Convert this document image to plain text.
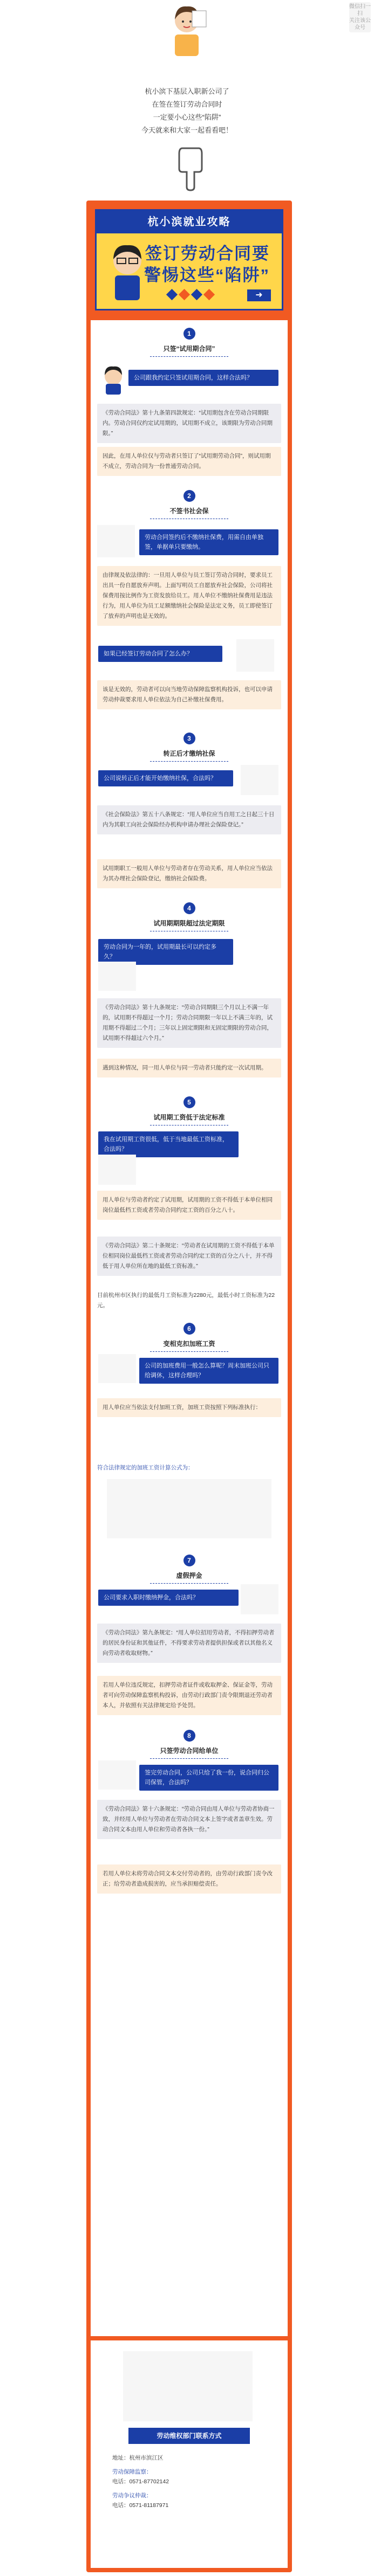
微信扫一扫
关注该公众号
杭小滨下基层入职新公司了
在签在签订劳动合同时
一定要小心这些“陷阱”
今天就来和大家一起看看吧！
杭小滨就业攻略
签订劳动合同要
警惕这些“陷阱”
➜
1
只签“试用期合同”
公司跟我约定只签试用期合同，这样合法吗？
《劳动合同法》第十九条第四款规定：“试用期包含在劳动合同期限内。劳动合同仅约定试用期的，试用期不成立，该期限为劳动合同期限。”
因此，在用人单位仅与劳动者只签订了“试用期劳动合同”，则试用期不成立，劳动合同为一份普通劳动合同。
2
不签书社会保
劳动合同签约后不缴纳社保费，用需自由单独签，单据单只要缴纳。
由律规及依法律的：一旦用人单位与员工签订劳动合同时，要求员工出具一份自愿放弃声明。上面写明员工自愿放弃社会保险，公司将社保费用按比例作为工资发放给员工。用人单位不缴纳社保费用是违法行为，用人单位为员工足额缴纳社会保险是法定义务，员工即使签订了放弃的声明也是无效的。
如果已经签订劳动合同了怎么办？
该是无效的，劳动者可以向当地劳动保障监察机构投诉，也可以申请劳动仲裁要求用人单位依法为自己补缴社保费用。
3
转正后才缴纳社保
公司说转正后才能开始缴纳社保，合法吗？
《社会保险法》第五十八条规定：“用人单位应当自用工之日起三十日内为其职工向社会保险经办机构申请办理社会保险登记。”
试用期职工一般用人单位与劳动者存在劳动关系，用人单位应当依法为其办理社会保险登记，缴纳社会保险费。
4
试用期期限超过法定期限
劳动合同为一年的，试用期最长可以约定多久？
《劳动合同法》第十九条规定：“劳动合同期限三个月以上不满一年的，试用期不得超过一个月；劳动合同期限一年以上不满三年的，试用期不得超过二个月；三年以上固定期限和无固定期限的劳动合同，试用期不得超过六个月。”
遇到这种情况，同一用人单位与同一劳动者只能约定一次试用期。
5
试用期工资低于法定标准
我在试用期工资很低，低于当地最低工资标准，合法吗？
用人单位与劳动者约定了试用期，试用期的工资不得低于本单位相同岗位最低档工资或者劳动合同约定工资的百分之八十。
《劳动合同法》第二十条规定：“劳动者在试用期的工资不得低于本单位相同岗位最低档工资或者劳动合同约定工资的百分之八十，并不得低于用人单位所在地的最低工资标准。”
目前杭州市区执行的最低月工资标准为2280元，最低小时工资标准为22元。
6
变相克扣加班工资
公司的加班费用一般怎么算呢？周末加班公司只给调休，这样合理吗？
用人单位应当依法支付加班工资，加班工资按照下列标准执行：
符合法律规定的加班工资计算公式为：
7
虚假押金
公司要求入职时缴纳押金，合法吗？
《劳动合同法》第九条规定：“用人单位招用劳动者，不得扣押劳动者的居民身份证和其他证件，不得要求劳动者提供担保或者以其他名义向劳动者收取财物。”
若用人单位违反规定，扣押劳动者证件或收取押金、保证金等，劳动者可向劳动保障监察机构投诉，由劳动行政部门责令限期退还劳动者本人，并依照有关法律规定给予处罚。
8
只签劳动合同给单位
签完劳动合同，公司只给了我一份，说合同归公司保管，合法吗？
《劳动合同法》第十六条规定：“劳动合同由用人单位与劳动者协商一致，并经用人单位与劳动者在劳动合同文本上签字或者盖章生效。劳动合同文本由用人单位和劳动者各执一份。”
若用人单位未将劳动合同文本交付劳动者的，由劳动行政部门责令改正；给劳动者造成损害的，应当承担赔偿责任。
劳动维权部门联系方式
地址：杭州市滨江区
劳动保障监察：
电话：0571-87702142
劳动争议仲裁：
电话：0571-81187971
